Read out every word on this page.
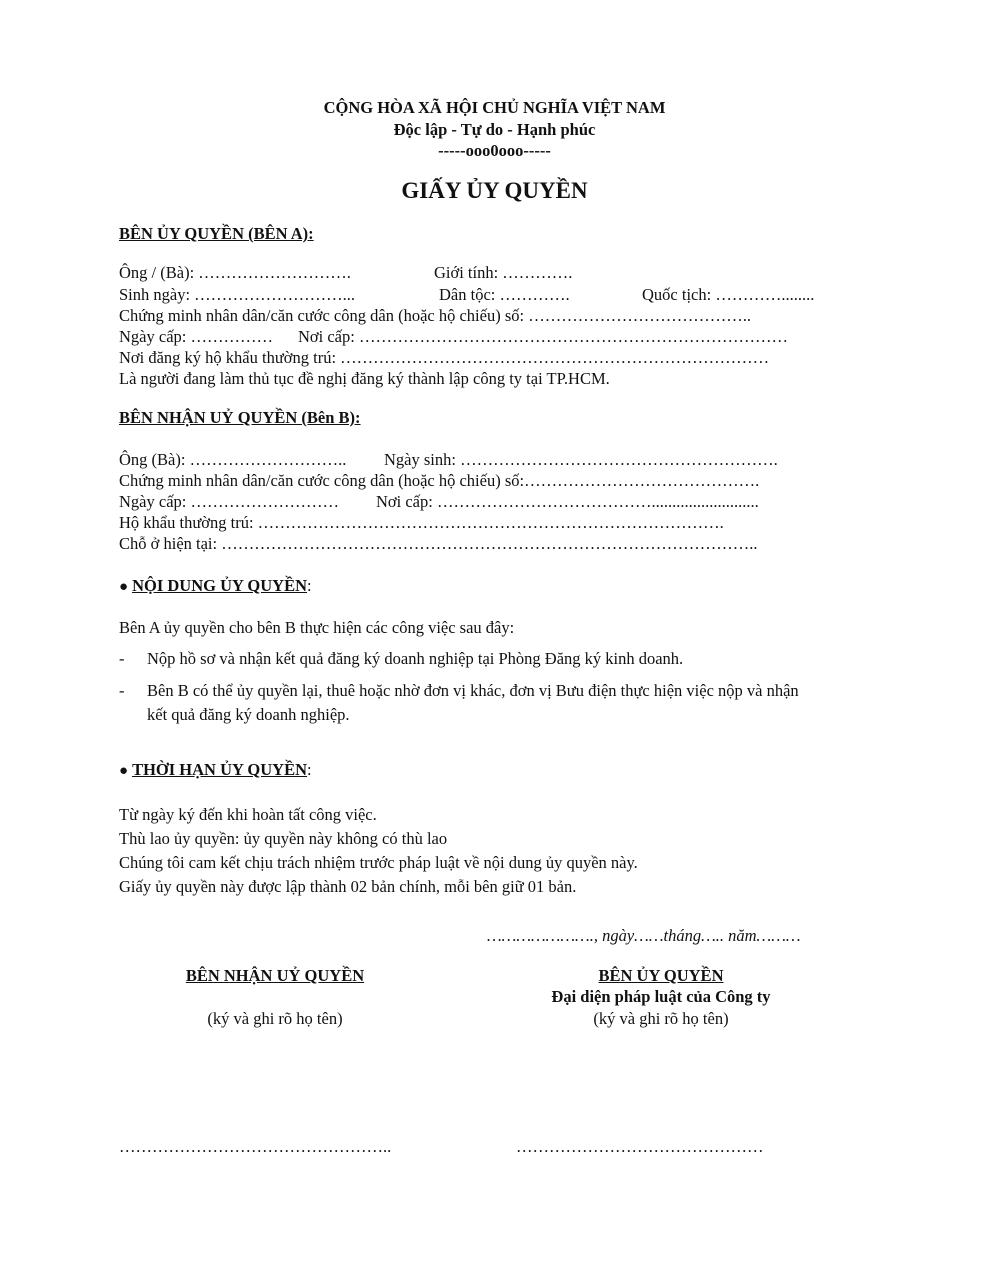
CỘNG HÒA XÃ HỘI CHỦ NGHĨA VIỆT NAM
Độc lập - Tự do - Hạnh phúc
-----ooo0ooo-----
GIẤY ỦY QUYỀN
BÊN ỦY QUYỀN (BÊN A):
Ông / (Bà): ……………………….	Giới tính: ………….
Sinh ngày: ………………………...	Dân tộc: ………….	Quốc tịch: …………........
Chứng minh nhân dân/căn cước công dân (hoặc hộ chiếu) số: …………………………………..
Ngày cấp: …………… Nơi cấp: ……………………………………………………………………
Nơi đăng ký hộ khẩu thường trú: ……………………………………………………………………
Là người đang làm thủ tục đề nghị đăng ký thành lập công ty tại TP.HCM.
BÊN NHẬN UỶ QUYỀN (Bên B):
Ông (Bà): ……………………….. Ngày sinh: ………………………………………………….
Chứng minh nhân dân/căn cước công dân (hoặc hộ chiếu) số:…………………………………….
Ngày cấp: ……………………… Nơi cấp: …………………………………..........................
Hộ khẩu thường trú: ………………………………………………………………………….
Chỗ ở hiện tại: ……………………………………………………………………………………..
● NỘI DUNG ỦY QUYỀN:
Bên A ủy quyền cho bên B thực hiện các công việc sau đây:
- Nộp hồ sơ và nhận kết quả đăng ký doanh nghiệp tại Phòng Đăng ký kinh doanh.
- Bên B có thể ủy quyền lại, thuê hoặc nhờ đơn vị khác, đơn vị Bưu điện thực hiện việc nộp và nhận
kết quả đăng ký doanh nghiệp.
● THỜI HẠN ỦY QUYỀN:
Từ ngày ký đến khi hoàn tất công việc.
Thù lao ủy quyền: ủy quyền này không có thù lao
Chúng tôi cam kết chịu trách nhiệm trước pháp luật về nội dung ủy quyền này.
Giấy ủy quyền này được lập thành 02 bản chính, mỗi bên giữ 01 bản.
…………………., ngày……tháng….. năm………
BÊN NHẬN UỶ QUYỀN
(ký và ghi rõ họ tên)
BÊN ỦY QUYỀN
Đại diện pháp luật của Công ty
(ký và ghi rõ họ tên)
…………………………………………..	………………………………………
